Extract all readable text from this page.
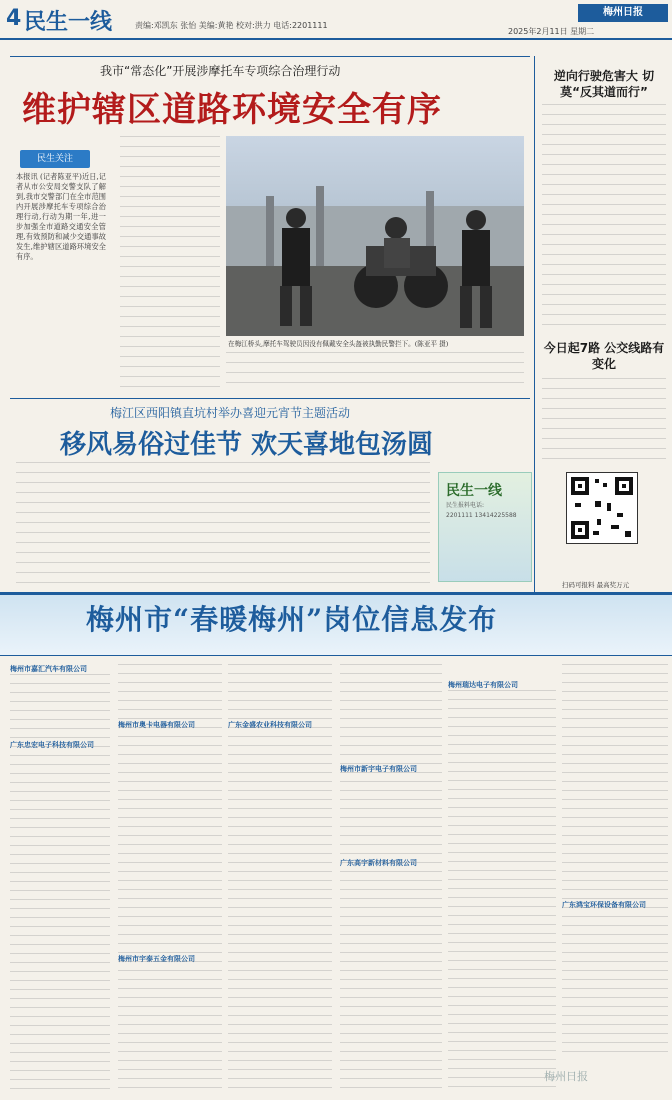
4 民生一线	责编:邓凯东 张怡 美编:黄艳 校对:洪力 电话:2201111
梅州日报
2025年2月11日 星期二
我市“常态化”开展涉摩托车专项综合治理行动
维护辖区道路环境安全有序
民生关注
本报讯 (记者陈亚平)近日,记者从市公安局交警支队了解到,我市交警部门在全市范围内开展涉摩托车专项综合治理行动,行动为期一年,进一步加强全市道路交通安全管理,有效预防和减少交通事故发生,维护辖区道路环境安全有序。
在梅江桥头,摩托车驾驶员因没有佩戴安全头盔被执勤民警拦下。(陈亚平 摄)
逆向行驶危害大 切莫“反其道而行”
今日起7路 公交线路有变化
梅江区西阳镇直坑村举办喜迎元宵节主题活动
移风易俗过佳节 欢天喜地包汤圆
民生一线
民生报料电话:
2201111 13414225588
扫码可报料 最高奖万元
梅州市“春暖梅州”岗位信息发布
梅州市嘉汇汽车有限公司
广东忠宏电子科技有限公司
梅州市奥卡电器有限公司	广东金盛农业科技有限公司
梅州市宇泰五金有限公司
梅州市新宇电子有限公司
广东高宇新材料有限公司
梅州瑞达电子有限公司
广东鸿宝环保设备有限公司
梅州日报
